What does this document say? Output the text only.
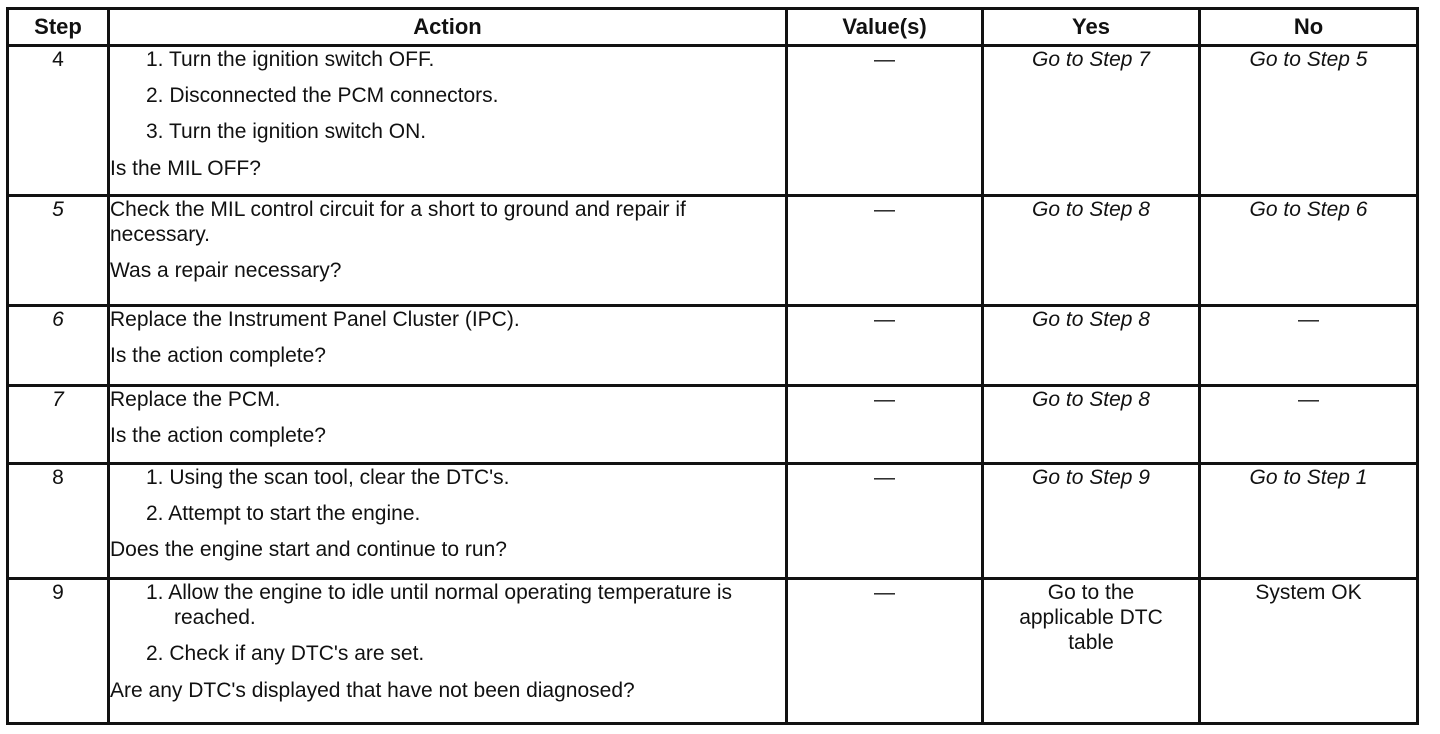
Step	Action	Value(s)	Yes	No
4	1. Turn the ignition switch OFF.
2. Disconnected the PCM connectors.
3. Turn the ignition switch ON.
Is the MIL OFF?	—	Go to Step 7	Go to Step 5
5	Check the MIL control circuit for a short to ground and repair if necessary.
Was a repair necessary?	—	Go to Step 8	Go to Step 6
6	Replace the Instrument Panel Cluster (IPC).
Is the action complete?	—	Go to Step 8	—
7	Replace the PCM.
Is the action complete?	—	Go to Step 8	—
8	1. Using the scan tool, clear the DTC's.
2. Attempt to start the engine.
Does the engine start and continue to run?	—	Go to Step 9	Go to Step 1
9	1. Allow the engine to idle until normal operating temperature is reached.
2. Check if any DTC's are set.
Are any DTC's displayed that have not been diagnosed?	—	Go to the applicable DTC table	System OK
